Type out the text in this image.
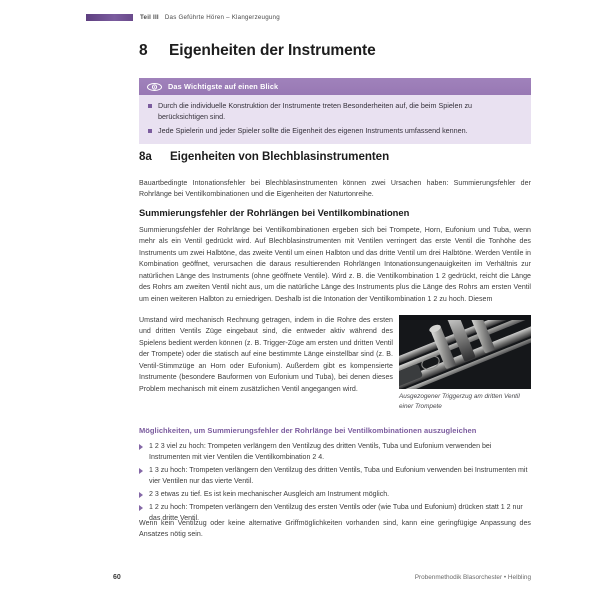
Teil III Das Geführte Hören – Klangerzeugung
8	Eigenheiten der Instrumente
Das Wichtigste auf einen Blick
Durch die individuelle Konstruktion der Instrumente treten Besonderheiten auf, die beim Spielen zu berücksichtigen sind.
Jede Spielerin und jeder Spieler sollte die Eigenheit des eigenen Instruments umfassend kennen.
8a	Eigenheiten von Blechblasinstrumenten
Bauartbedingte Intonationsfehler bei Blechblasinstrumenten können zwei Ursachen haben: Summierungsfehler der Rohrlänge bei Ventilkombinationen und die Eigenheiten der Naturtonreihe.
Summierungsfehler der Rohrlängen bei Ventilkombinationen
Summierungsfehler der Rohrlänge bei Ventilkombinationen ergeben sich bei Trompete, Horn, Eufonium und Tuba, wenn mehr als ein Ventil gedrückt wird. Auf Blechblasinstrumenten mit Ventilen verringert das erste Ventil die Tonhöhe des Instruments um zwei Halbtöne, das zweite Ventil um einen Halbton und das dritte Ventil um drei Halbtöne. Werden Ventile in Kombination geöffnet, verursachen die daraus resultierenden Rohrlängen Intonationsungenauigkeiten im Verhältnis zur natürlichen Länge des Instruments (ohne geöffnete Ventile). Wird z. B. die Ventilkombination 1 2 gedrückt, reicht die Länge des Rohrs am zweiten Ventil nicht aus, um die natürliche Länge des Instruments plus die Länge des Rohrs am ersten Ventil um einen weiteren Halbton zu erniedrigen. Deshalb ist die Intonation der Ventilkombination 1 2 zu hoch. Diesem
Umstand wird mechanisch Rechnung getragen, indem in die Rohre des ersten und dritten Ventils Züge eingebaut sind, die entweder aktiv während des Spielens bedient werden können (z. B. Trigger-Züge am ersten und dritten Ventil der Trompete) oder die statisch auf eine bestimmte Länge einstellbar sind (z. B. Ventil-Stimmzüge an Horn oder Eufonium). Außerdem gibt es kompensierte Instrumente (besondere Bauformen von Eufonium und Tuba), bei denen dieses Problem mechanisch mit einem zusätzlichen Ventil angegangen wird.
Ausgezogener Triggerzug am dritten Ventil einer Trompete
Möglichkeiten, um Summierungsfehler der Rohrlänge bei Ventilkombinationen auszugleichen
1 2 3 viel zu hoch: Trompeten verlängern den Ventilzug des dritten Ventils, Tuba und Eufonium verwenden bei Instrumenten mit vier Ventilen die Ventilkombination 2 4.
1 3 zu hoch: Trompeten verlängern den Ventilzug des dritten Ventils, Tuba und Eufonium verwenden bei Instrumenten mit vier Ventilen nur das vierte Ventil.
2 3 etwas zu tief. Es ist kein mechanischer Ausgleich am Instrument möglich.
1 2 zu hoch: Trompeten verlängern den Ventilzug des ersten Ventils oder (wie Tuba und Eufonium) drücken statt 1 2 nur das dritte Ventil.
Wenn kein Ventilzug oder keine alternative Griffmöglichkeiten vorhanden sind, kann eine geringfügige Anpassung des Ansatzes nötig sein.
60	Probenmethodik Blasorchester • Helbling
